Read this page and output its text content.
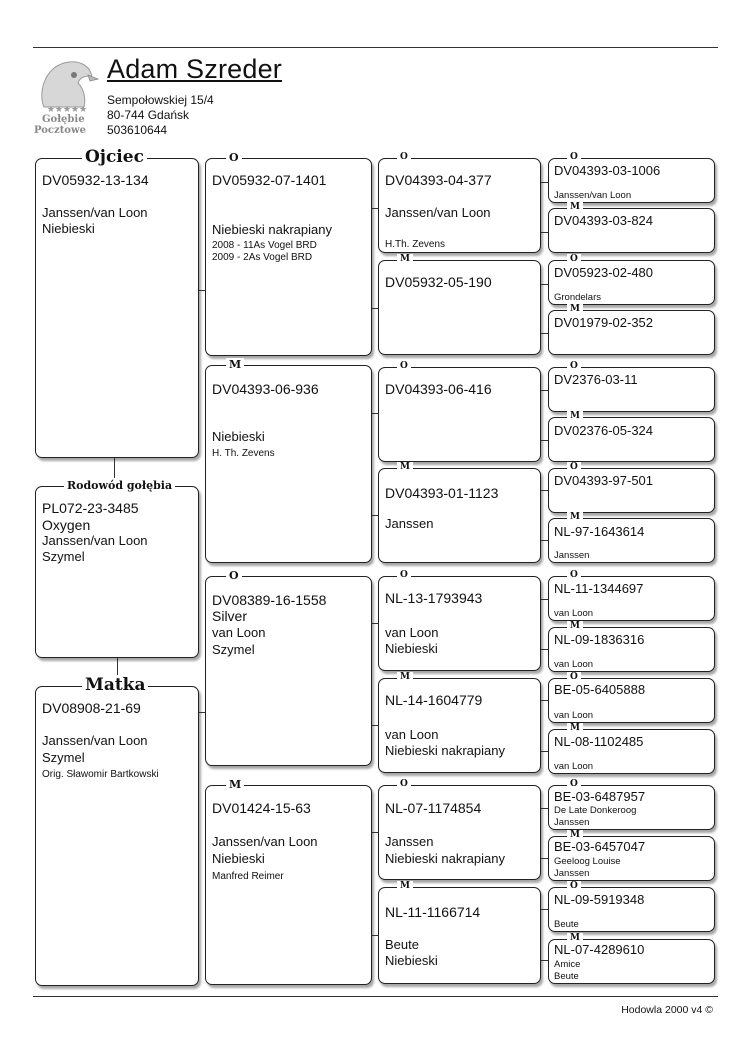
★★★★★
Gołębie
Pocztowe
Adam Szreder
Sempołowskiej 15/4
80-744 Gdańsk
503610644
Ojciec
DV05932-13-134
Janssen/van Loon
Niebieski
Rodowód gołębia
PL072-23-3485
Oxygen
Janssen/van Loon
Szymel
Matka
DV08908-21-69
Janssen/van Loon
Szymel
Orig. Sławomir Bartkowski
O
DV05932-07-1401
Niebieski nakrapiany
2008 - 11As Vogel BRD
2009 - 2As Vogel BRD
M
DV04393-06-936
Niebieski
H. Th. Zevens
O
DV08389-16-1558
Silver
van Loon
Szymel
M
DV01424-15-63
Janssen/van Loon
Niebieski
Manfred Reimer
O
DV04393-04-377
Janssen/van Loon
H.Th. Zevens
M
DV05932-05-190
O
DV04393-06-416
M
DV04393-01-1123
Janssen
O
NL-13-1793943
van Loon
Niebieski
M
NL-14-1604779
van Loon
Niebieski nakrapiany
O
NL-07-1174854
Janssen
Niebieski nakrapiany
M
NL-11-1166714
Beute
Niebieski
O
DV04393-03-1006
Janssen/van Loon
M
DV04393-03-824
O
DV05923-02-480
Grondelars
M
DV01979-02-352
O
DV2376-03-11
M
DV02376-05-324
O
DV04393-97-501
M
NL-97-1643614
Janssen
O
NL-11-1344697
van Loon
M
NL-09-1836316
van Loon
O
BE-05-6405888
van Loon
M
NL-08-1102485
van Loon
O
BE-03-6487957
De Late Donkeroog
Janssen
M
BE-03-6457047
Geeloog Louise
Janssen
O
NL-09-5919348
Beute
M
NL-07-4289610
Amice
Beute
Hodowla 2000 v4 ©
